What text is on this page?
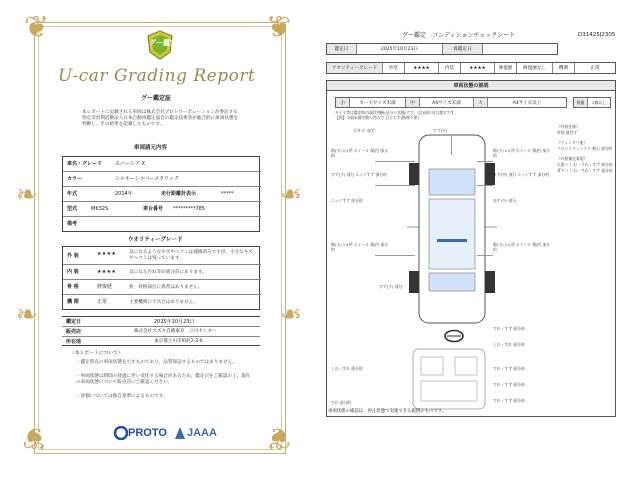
❦	❦
❦	❦
❧	❧
❧	❧
グー鑑定
U-car Grading Report
グー鑑定証
本レポートに記載される車両は株式会社プロトコーポレーションが委託する特定非営利活動法人日本自動車鑑定協会の鑑定技術者が総合的に車両状態を判断し、その結果を記載したものです。
車両請元内容
車名・グレード	スペーシア X
カラー	シルキーシルバーメタリック
年式	2014年	走行距離計表示	*****
型式	MK32S	車台番号 *********785
備考
ウオリティーグレード
外 装	★★★★	気になるようなキズやヘコミは補修済みですが、小さなキズやヘコミは残っています。
内 装	★★★★	気になる汚れ等が部分的にあります。
骨 格	修復歴	無　骨格部位に異常はありません。
機 関	正常	主要機関に不具合はありません。
鑑定日	2025年10月23日
販売店	株式会社スズキ自販東京　立川センター
所在地	東京都立川市柏町2-2-6
〈本レポートについて〉
・鑑定時点の車両状態を示すものであり、品質保証するものではありません。
・車両状態は時間の経過に伴い変化する場合があるため、鑑定日をご確認の上、現在の車両状態について販売店にご確認ください。
・評価については独自基準によるものです。
PROTO JAAA
グー鑑定　コンディションチェックシート	D31425J2305
鑑定日	2025年10月23日	再鑑定日
クオリティーグレード	外装	★★★★	内装	★★★★	修復歴	修復歴なし	機関	正常
車両状態の説明
小	カードサイズ未満	中	A4サイズ未満	大	A4サイズ以上	数量	2個以上
タイヤ等は鑑定時の現状判断(見分り状態)です。(注)部位名は推定です。
【例】 2個未満中数の凹みで 目立ちず(修理不要)
天井:少 ゆず	すず(少)
傷(小) 1ヵ所 ホイール 傷/凹 部分的
傷(小) 1ヵ所 ホイール 傷/凹 部分的
すず(少) 部分 エッジすず 部分的	すず(中) 部分 エッジすず 部分的
エッジすず 部分的	ゆず(少) 部分
傷(小) 1ヵ所 ホイール 傷/凹 部分的
傷(小) 1ヵ所 ホイール 傷/凹 部分的
すず(少) 部分
すれ・すず 部分的
しわ・すれ 部分的
しわ・すれ 部分的	すれ・すず 部分的
すれ・すず 部分的
すれ・すず 部分的
すれ 部分的
《外装仕様》
外装 落付ず
《ウィンドウ他》
フロントウィンドウ 飛石 部分的
《内装補足事項》
天張り しわ・すれ・すず 部分的
背ドリ しわ・すれ・すず 部分的
車両状態の確認は、停止状態で実施できる範囲のものです。
